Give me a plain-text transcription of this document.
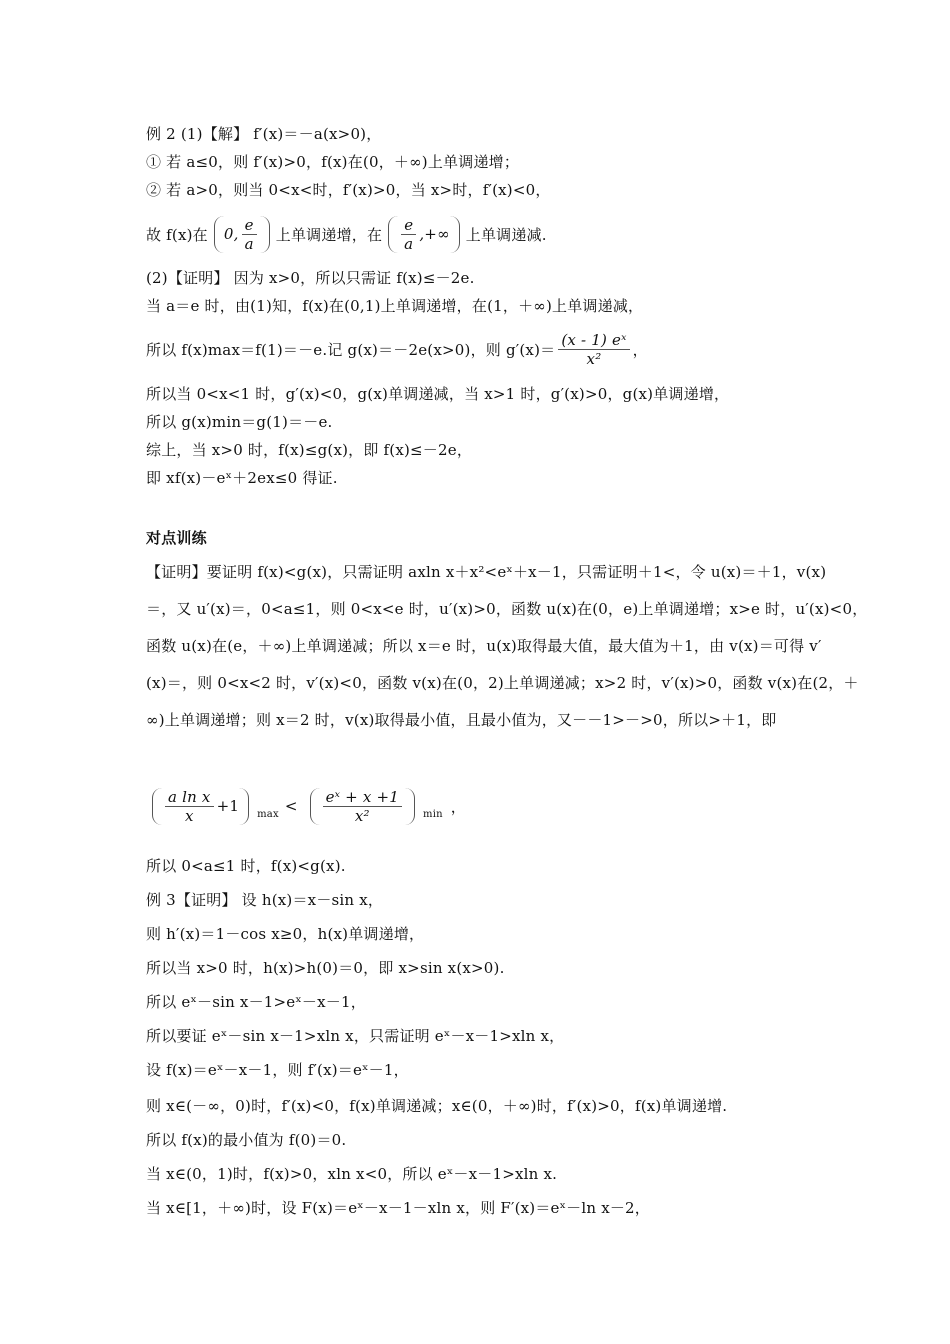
例 2 (1)【解】 f′(x)＝－a(x>0)，
① 若 a≤0，则 f′(x)>0，f(x)在(0，＋∞)上单调递增；
② 若 a>0，则当 0<x<时，f′(x)>0，当 x>时，f′(x)<0，
故 f(x)在 0, $\frac{e}{a}$ 上单调递增，在 $\frac{e}{a}$ ,+∞ 上单调递减.
(2)【证明】 因为 x>0，所以只需证 f(x)≤－2e.
当 a＝e 时，由(1)知，f(x)在(0,1)上单调递增，在(1，＋∞)上单调递减，
所以 f(x)max＝f(1)＝－e.记 g(x)＝－2e(x>0)，则 $g'(x)= \frac{\text{(x - 1) eˣ}}{\text{x²}}$ ，
所以当 0<x<1 时，g′(x)<0，g(x)单调递减，当 x>1 时，g′(x)>0，g(x)单调递增，
所以 g(x)min＝g(1)＝－e.
综上，当 x>0 时，f(x)≤g(x)，即 f(x)≤－2e，
即 xf(x)－eˣ＋2ex≤0 得证.
对点训练
【证明】要证明 f(x)<g(x)，只需证明 axln x＋x²<eˣ＋x－1，只需证明＋1<，令 u(x)＝＋1，v(x)
＝，又 u′(x)＝，0<a≤1，则 0<x<e 时，u′(x)>0，函数 u(x)在(0，e)上单调递增；x>e 时，u′(x)<0，
函数 u(x)在(e，＋∞)上单调递减；所以 x＝e 时，u(x)取得最大值，最大值为＋1，由 v(x)＝可得 v′
(x)＝，则 0<x<2 时，v′(x)<0，函数 v(x)在(0，2)上单调递减；x>2 时，v′(x)>0，函数 v(x)在(2，＋
∞)上单调递增；则 x＝2 时，v(x)取得最小值，且最小值为，又－－1>－>0，所以>＋1，即
$\frac{\text{a ln x}}{x} +1$ $\max < \frac{\text{eˣ + x +1}}{\text{x²}}$ min ，
所以 0<a≤1 时，f(x)<g(x).
例 3【证明】 设 h(x)＝x－sin x，
则 h′(x)＝1－cos x≥0，h(x)单调递增，
所以当 x>0 时，h(x)>h(0)＝0，即 x>sin x(x>0).
所以 eˣ－sin x－1>eˣ－x－1，
所以要证 eˣ－sin x－1>xln x，只需证明 eˣ－x－1>xln x，
设 f(x)＝eˣ－x－1，则 f′(x)＝eˣ－1，
则 x∈(－∞，0)时，f′(x)<0，f(x)单调递减；x∈(0，＋∞)时，f′(x)>0，f(x)单调递增.
所以 f(x)的最小值为 f(0)＝0.
当 x∈(0，1)时，f(x)>0，xln x<0，所以 eˣ－x－1>xln x.
当 x∈[1，＋∞)时，设 F(x)＝eˣ－x－1－xln x，则 F′(x)＝eˣ－ln x－2，
